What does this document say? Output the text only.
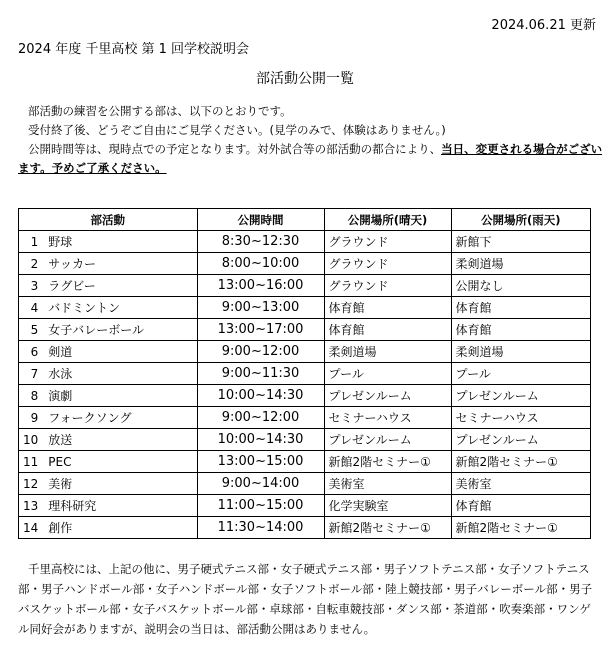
2024.06.21 更新
2024 年度 千里高校 第 1 回学校説明会
部活動公開一覧

部活動の練習を公開する部は、以下のとおりです。

受付終了後、どうぞご自由にご見学ください。(見学のみで、体験はありません。)

公開時間等は、現時点での予定となります。対外試合等の部活動の都合により、当日、変更される場合がございます。予めご了承ください。

部活動		公開時間	公開場所(晴天)	公開場所(雨天)
1	野球	8:30~12:30	グラウンド	新館下
2	サッカー	8:00~10:00	グラウンド	柔剣道場
3	ラグビー	13:00~16:00	グラウンド	公開なし
4	バドミントン	9:00~13:00	体育館	体育館
5	女子バレーボール	13:00~17:00	体育館	体育館
6	剣道	9:00~12:00	柔剣道場	柔剣道場
7	水泳	9:00~11:30	プール	プール
8	演劇	10:00~14:30	プレゼンルーム	プレゼンルーム
9	フォークソング	9:00~12:00	セミナーハウス	セミナーハウス
10	放送	10:00~14:30	プレゼンルーム	プレゼンルーム
11	PEC	13:00~15:00	新館2階セミナー①	新館2階セミナー①
12	美術	9:00~14:00	美術室	美術室
13	理科研究	11:00~15:00	化学実験室	体育館
14	創作	11:30~14:00	新館2階セミナー①	新館2階セミナー①

千里高校には、上記の他に、男子硬式テニス部・女子硬式テニス部・男子ソフトテニス部・女子ソフトテニス部・男子ハンドボール部・女子ハンドボール部・女子ソフトボール部・陸上競技部・男子バレーボール部・男子バスケットボール部・女子バスケットボール部・卓球部・自転車競技部・ダンス部・茶道部・吹奏楽部・ワンゲル同好会がありますが、説明会の当日は、部活動公開はありません。
